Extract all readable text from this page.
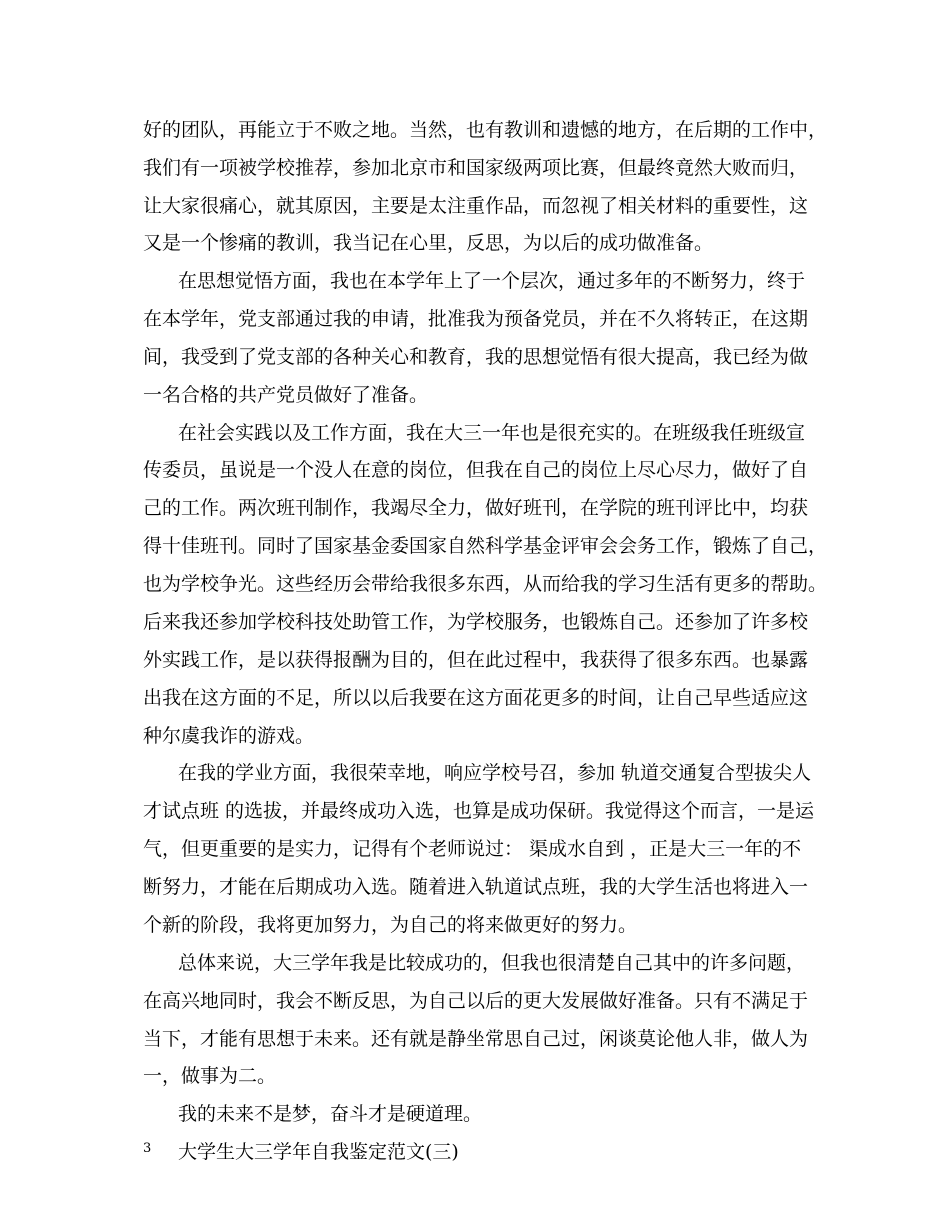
好的团队，再能立于不败之地。当然，也有教训和遗憾的地方，在后期的工作中，
我们有一项被学校推荐，参加北京市和国家级两项比赛，但最终竟然大败而归，
让大家很痛心，就其原因，主要是太注重作品，而忽视了相关材料的重要性，这
又是一个惨痛的教训，我当记在心里，反思，为以后的成功做准备。
在思想觉悟方面，我也在本学年上了一个层次，通过多年的不断努力，终于
在本学年，党支部通过我的申请，批准我为预备党员，并在不久将转正，在这期
间，我受到了党支部的各种关心和教育，我的思想觉悟有很大提高，我已经为做
一名合格的共产党员做好了准备。
在社会实践以及工作方面，我在大三一年也是很充实的。在班级我任班级宣
传委员，虽说是一个没人在意的岗位，但我在自己的岗位上尽心尽力，做好了自
己的工作。两次班刊制作，我竭尽全力，做好班刊，在学院的班刊评比中，均获
得十佳班刊。同时了国家基金委国家自然科学基金评审会会务工作，锻炼了自己，
也为学校争光。这些经历会带给我很多东西，从而给我的学习生活有更多的帮助。
后来我还参加学校科技处助管工作，为学校服务，也锻炼自己。还参加了许多校
外实践工作，是以获得报酬为目的，但在此过程中，我获得了很多东西。也暴露
出我在这方面的不足，所以以后我要在这方面花更多的时间，让自己早些适应这
种尔虞我诈的游戏。
在我的学业方面，我很荣幸地，响应学校号召，参加 轨道交通复合型拔尖人
才试点班 的选拔，并最终成功入选，也算是成功保研。我觉得这个而言，一是运
气，但更重要的是实力，记得有个老师说过： 渠成水自到 ，正是大三一年的不
断努力，才能在后期成功入选。随着进入轨道试点班，我的大学生活也将进入一
个新的阶段，我将更加努力，为自己的将来做更好的努力。
总体来说，大三学年我是比较成功的，但我也很清楚自己其中的许多问题，
在高兴地同时，我会不断反思，为自己以后的更大发展做好准备。只有不满足于
当下，才能有思想于未来。还有就是静坐常思自己过，闲谈莫论他人非，做人为
一，做事为二。
3
我的未来不是梦，奋斗才是硬道理。
大学生大三学年自我鉴定范文(三)
